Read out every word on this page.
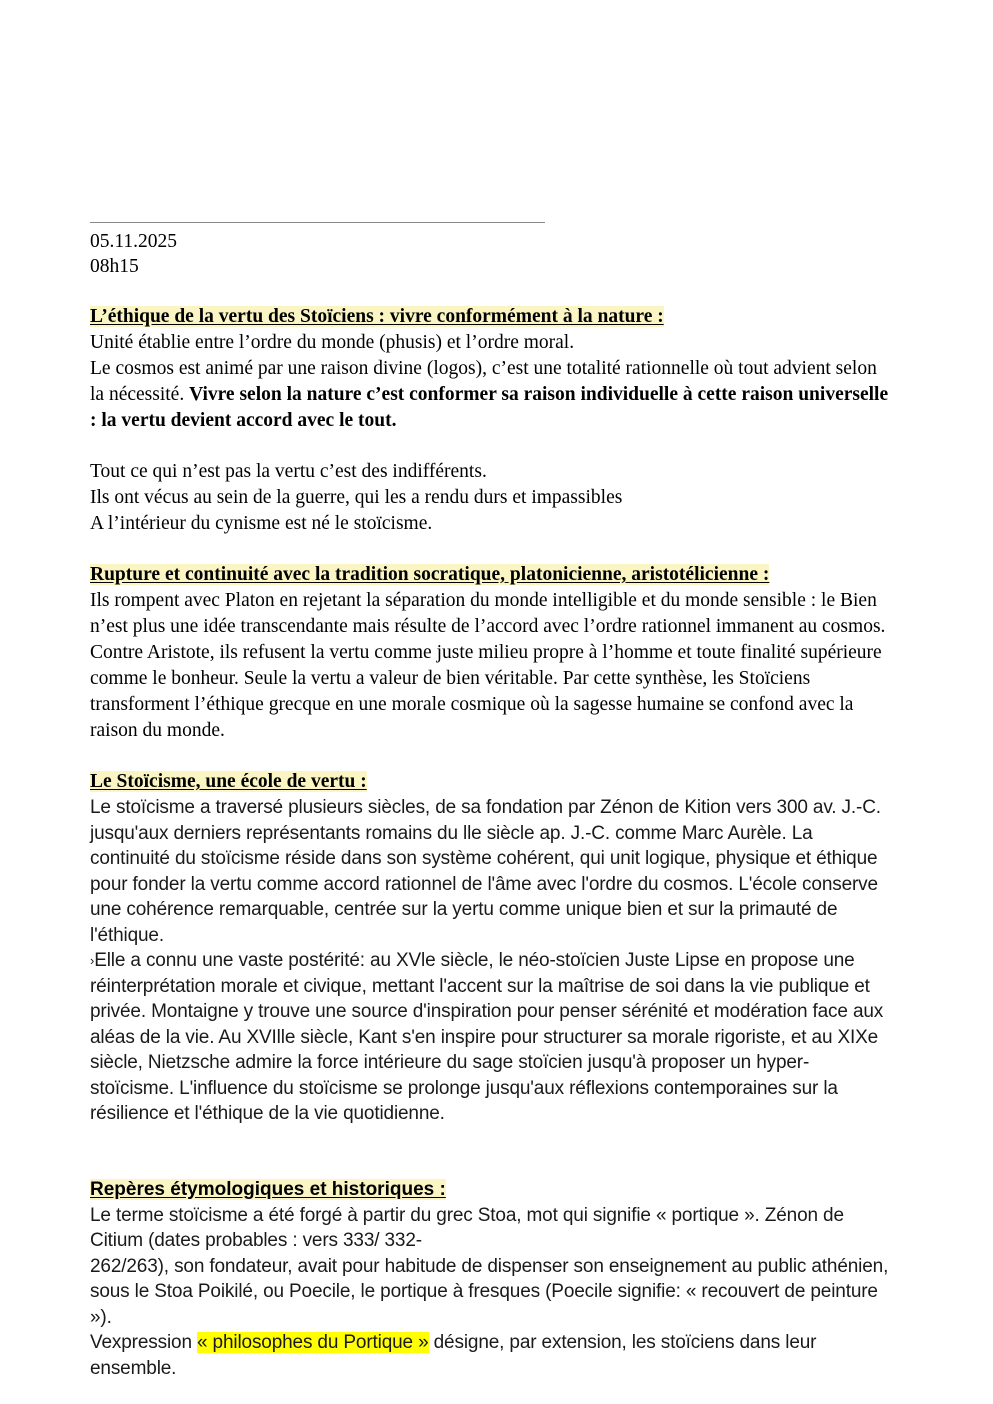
05.11.2025
08h15

L’éthique de la vertu des Stoïciens : vivre conformément à la nature :

Unité établie entre l’ordre du monde (phusis) et l’ordre moral.

Le cosmos est animé par une raison divine (logos), c’est une totalité rationnelle où tout advient selon la nécessité. Vivre selon la nature c’est conformer sa raison individuelle à cette raison universelle : la vertu devient accord avec le tout.

Tout ce qui n’est pas la vertu c’est des indifférents.

Ils ont vécus au sein de la guerre, qui les a rendu durs et impassibles

A l’intérieur du cynisme est né le stoïcisme.

Rupture et continuité avec la tradition socratique, platonicienne, aristotélicienne :

Ils rompent avec Platon en rejetant la séparation du monde intelligible et du monde sensible : le Bien n’est plus une idée transcendante mais résulte de l’accord avec l’ordre rationnel immanent au cosmos.

Contre Aristote, ils refusent la vertu comme juste milieu propre à l’homme et toute finalité supérieure comme le bonheur. Seule la vertu a valeur de bien véritable. Par cette synthèse, les Stoïciens transforment l’éthique grecque en une morale cosmique où la sagesse humaine se confond avec la raison du monde.

Le Stoïcisme, une école de vertu :

Le stoïcisme a traversé plusieurs siècles, de sa fondation par Zénon de Kition vers 300 av. J.-C. jusqu'aux derniers représentants romains du lle siècle ap. J.-C. comme Marc Aurèle. La continuité du stoïcisme réside dans son système cohérent, qui unit logique, physique et éthique pour fonder la vertu comme accord rationnel de l'âme avec l'ordre du cosmos. L'école conserve une cohérence remarquable, centrée sur la yertu comme unique bien et sur la primauté de l'éthique.

›Elle a connu une vaste postérité: au XVle siècle, le néo-stoïcien Juste Lipse en propose une réinterprétation morale et civique, mettant l'accent sur la maîtrise de soi dans la vie publique et privée. Montaigne y trouve une source d'inspiration pour penser sérénité et modération face aux aléas de la vie. Au XVIlle siècle, Kant s'en inspire pour structurer sa morale rigoriste, et au XIXe siècle, Nietzsche admire la force intérieure du sage stoïcien jusqu'à proposer un hyper-stoïcisme. L'influence du stoïcisme se prolonge jusqu'aux réflexions contemporaines sur la résilience et l'éthique de la vie quotidienne.

Repères étymologiques et historiques :

Le terme stoïcisme a été forgé à partir du grec Stoa, mot qui signifie « portique ». Zénon de Citium (dates probables : vers 333/ 332-

262/263), son fondateur, avait pour habitude de dispenser son enseignement au public athénien, sous le Stoa Poikilé, ou Poecile, le portique à fresques (Poecile signifie: « recouvert de peinture »).

Vexpression « philosophes du Portique » désigne, par extension, les stoïciens dans leur ensemble.
